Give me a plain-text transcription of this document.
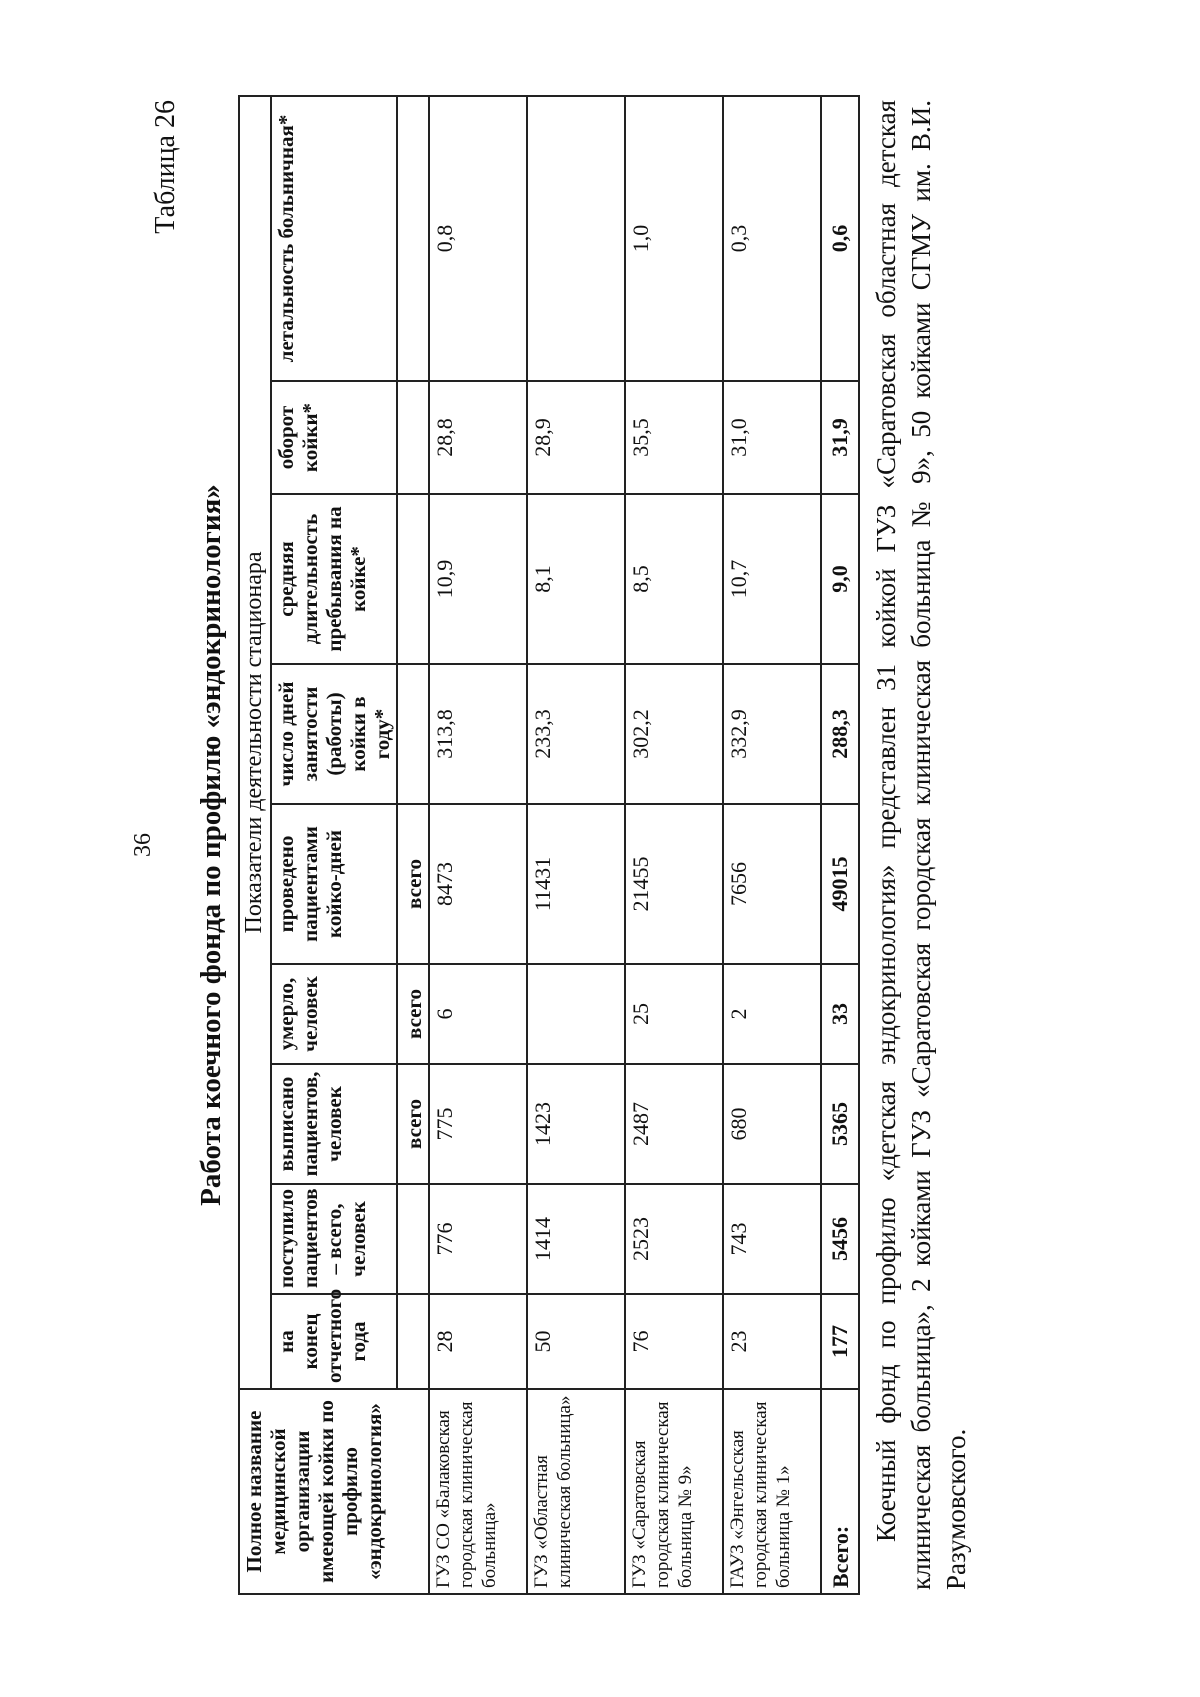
36
Таблица 26
Работа коечного фонда по профилю «эндокринология»
Полное название медицинской организации имеющей койки по профилю «эндокринология»	Показатели деятельности стационара								
	на конец отчетного года	поступило пациентов – всего, человек	выписано пациентов, человек	умерло, человек	проведено пациентами койко-дней	число дней занятости (работы) койки в году*	средняя длительность пребывания на койке*	оборот койки*	летальность больничная*
			всего	всего	всего				
ГУЗ СО «Балаковская городская клиническая больница»	28	776	775	6	8473	313,8	10,9	28,8	0,8
ГУЗ «Областная клиническая больница»	50	1414	1423		11431	233,3	8,1	28,9	
ГУЗ «Саратовская городская клиническая больница № 9»	76	2523	2487	25	21455	302,2	8,5	35,5	1,0
ГАУЗ «Энгельсская городская клиническая больница № 1»	23	743	680	2	7656	332,9	10,7	31,0	0,3
Всего:	177	5456	5365	33	49015	288,3	9,0	31,9	0,6 Коечный фонд по профилю «детская эндокринология» представлен 31 койкой ГУЗ «Саратовская областная детская клиническая больница», 2 койками ГУЗ «Саратовская городская клиническая больница № 9», 50 койками СГМУ им. В.И. Разумовского.
